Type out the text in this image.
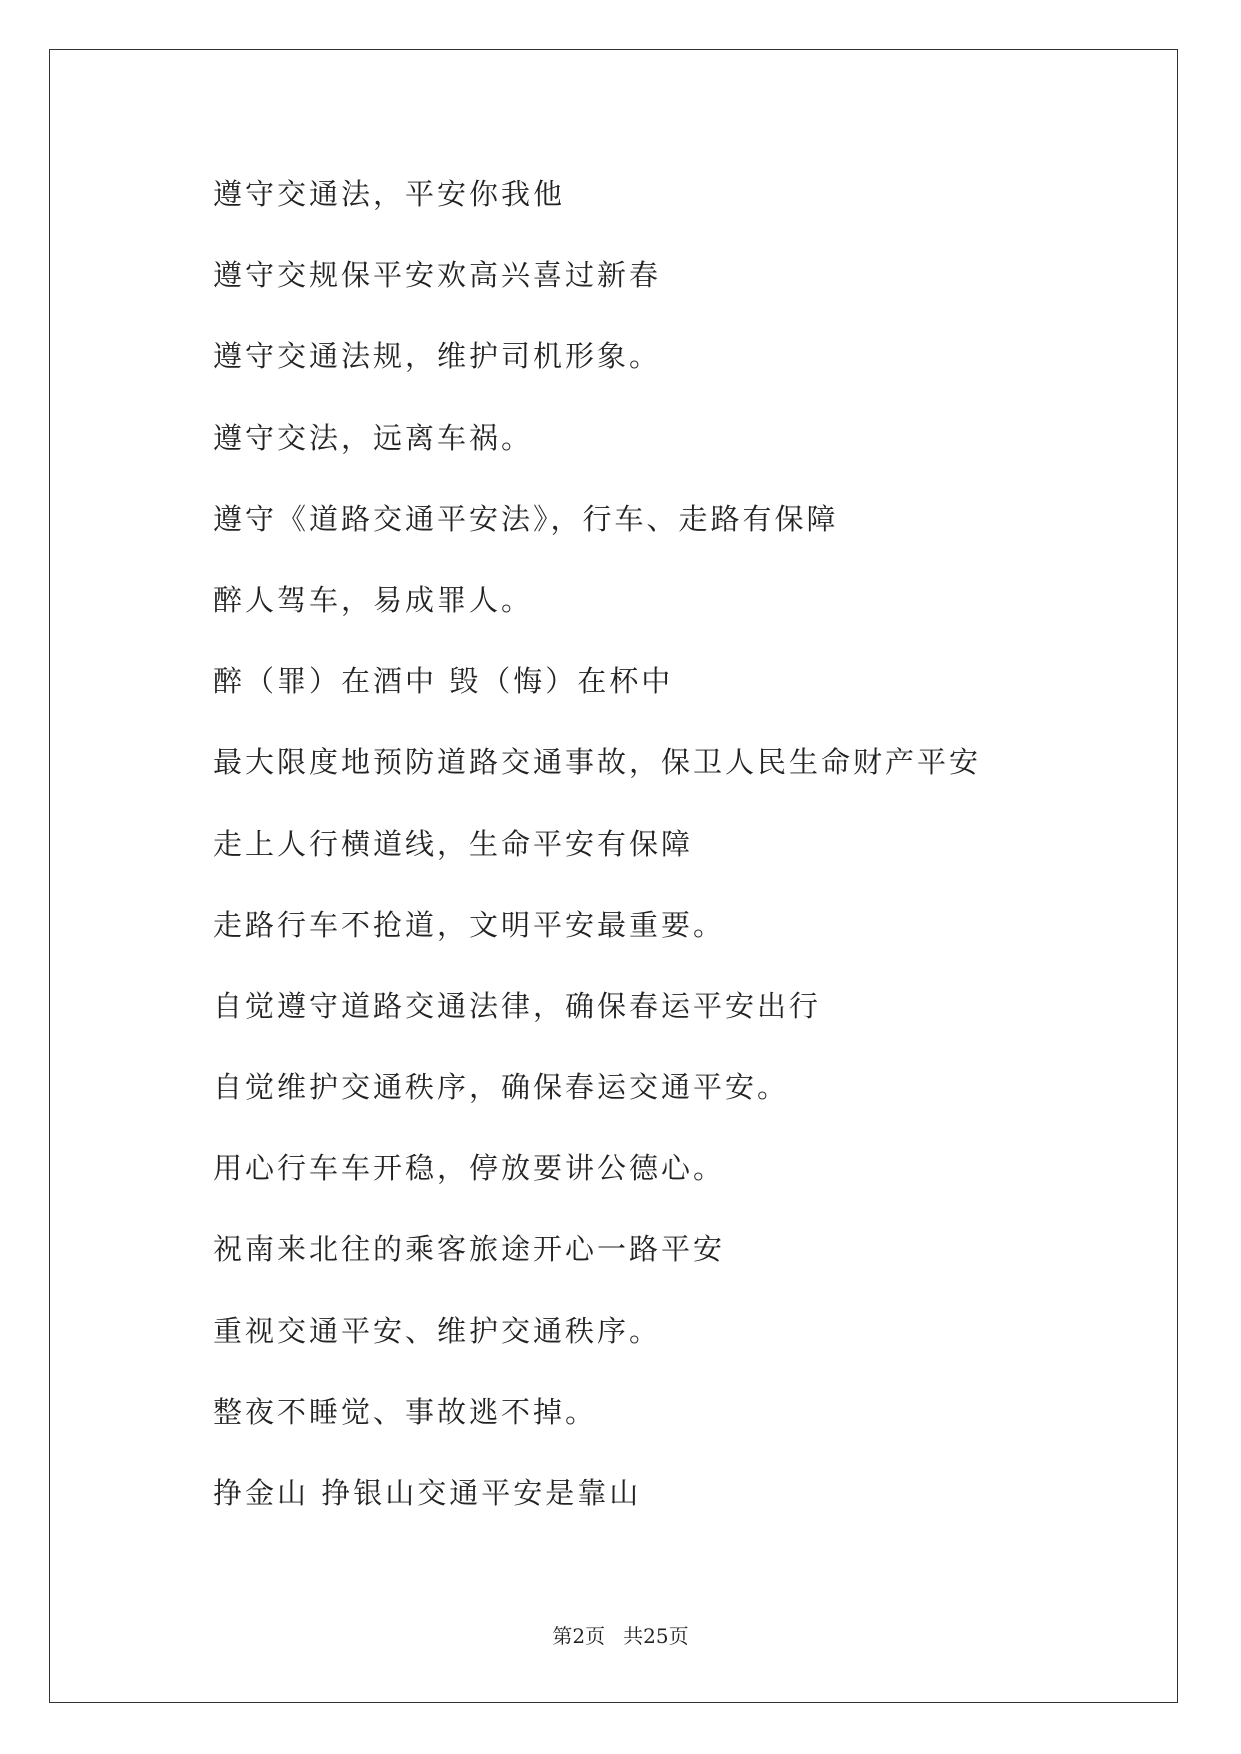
遵守交通法，平安你我他
遵守交规保平安欢高兴喜过新春
遵守交通法规，维护司机形象。
遵守交法，远离车祸。
遵守《道路交通平安法》，行车、走路有保障
醉人驾车，易成罪人。
醉（罪）在酒中 毁（悔）在杯中
最大限度地预防道路交通事故，保卫人民生命财产平安
走上人行横道线，生命平安有保障
走路行车不抢道，文明平安最重要。
自觉遵守道路交通法律，确保春运平安出行
自觉维护交通秩序，确保春运交通平安。
用心行车车开稳，停放要讲公德心。
祝南来北往的乘客旅途开心一路平安
重视交通平安、维护交通秩序。
整夜不睡觉、事故逃不掉。
挣金山 挣银山交通平安是靠山
第2页 共25页
